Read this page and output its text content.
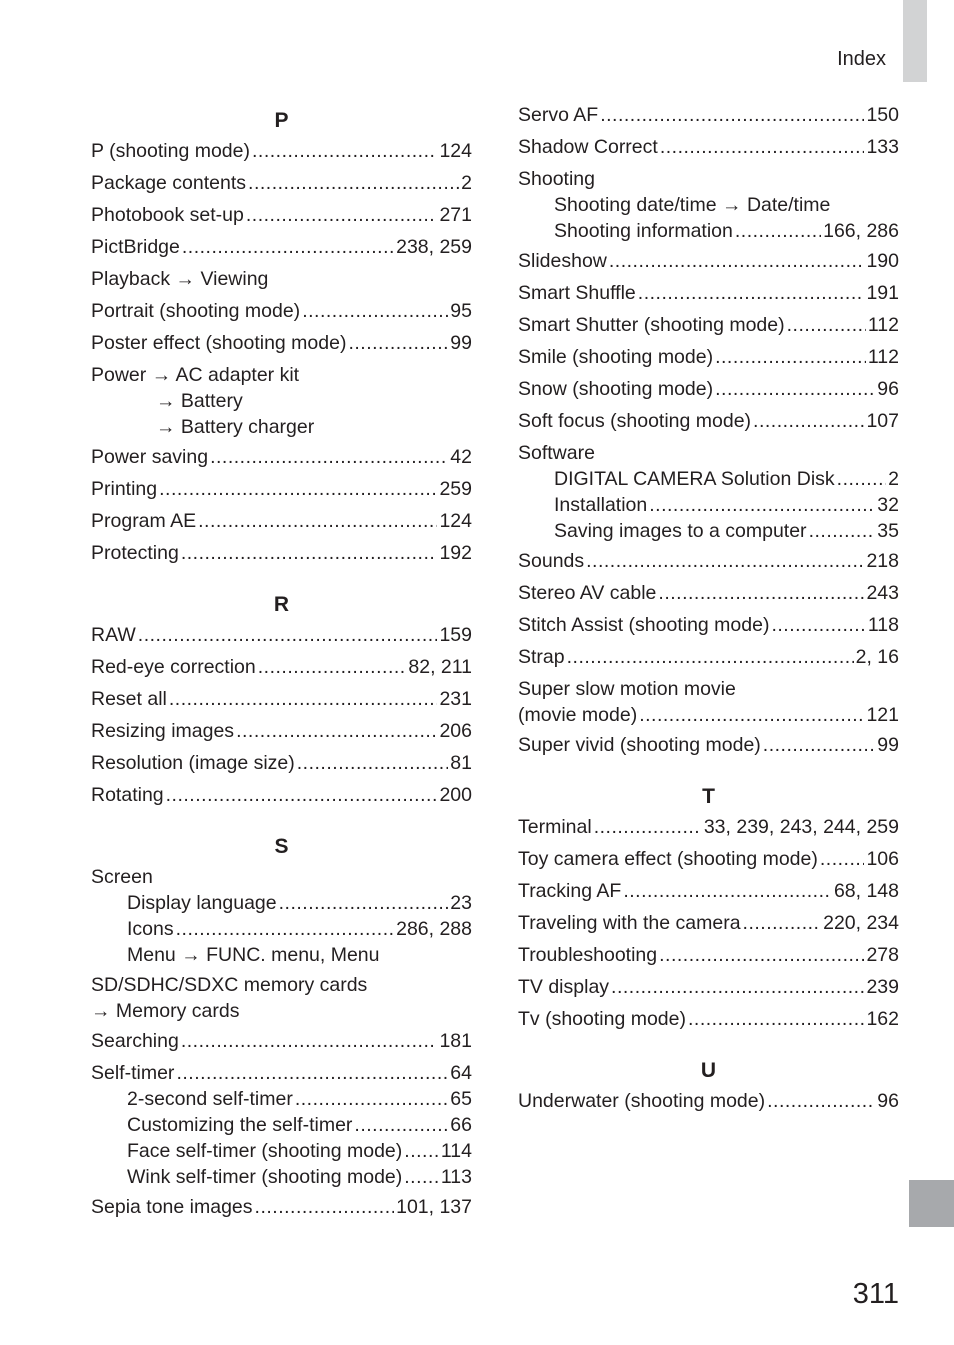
Index
P
P (shooting mode) .....	124
Package contents .....	2
Photobook set-up .....	271
PictBridge .....	238, 259
Playback → Viewing
Portrait (shooting mode) .....	95
Poster effect (shooting mode) .....	99
Power → AC adapter kit
→ Battery
→ Battery charger
Power saving .....	42
Printing .....	259
Program AE .....	124
Protecting .....	192
R
RAW .....	159
Red-eye correction .....	82, 211
Reset all .....	231
Resizing images .....	206
Resolution (image size) .....	81
Rotating .....	200
S
Screen
Display language .....	23
Icons .....	286, 288
Menu → FUNC. menu, Menu
SD/SDHC/SDXC memory cards
→ Memory cards
Searching .....	181
Self-timer .....	64
2-second self-timer .....	65
Customizing the self-timer .....	66
Face self-timer (shooting mode) ..... 114
Wink self-timer (shooting mode) ..... 113
Sepia tone images .....	101, 137
Servo AF .....	150
Shadow Correct .....	133
Shooting
Shooting date/time → Date/time
Shooting information .....	166, 286
Slideshow .....	190
Smart Shuffle .....	191
Smart Shutter (shooting mode) .....	112
Smile (shooting mode) .....	112
Snow (shooting mode) .....	96
Soft focus (shooting mode) .....	107
Software
DIGITAL CAMERA Solution Disk .....	2
Installation .....	32
Saving images to a computer .....	35
Sounds .....	218
Stereo AV cable .....	243
Stitch Assist (shooting mode) .....	118
Strap .....	2, 16
Super slow motion movie
(movie mode) .....	121
Super vivid (shooting mode) .....	99
T
Terminal .....	33, 239, 243, 244, 259
Toy camera effect (shooting mode) ..... 106
Tracking AF .....	68, 148
Traveling with the camera .....	220, 234
Troubleshooting .....	278
TV display .....	239
Tv (shooting mode) .....	162
U
Underwater (shooting mode) .....	96
311
